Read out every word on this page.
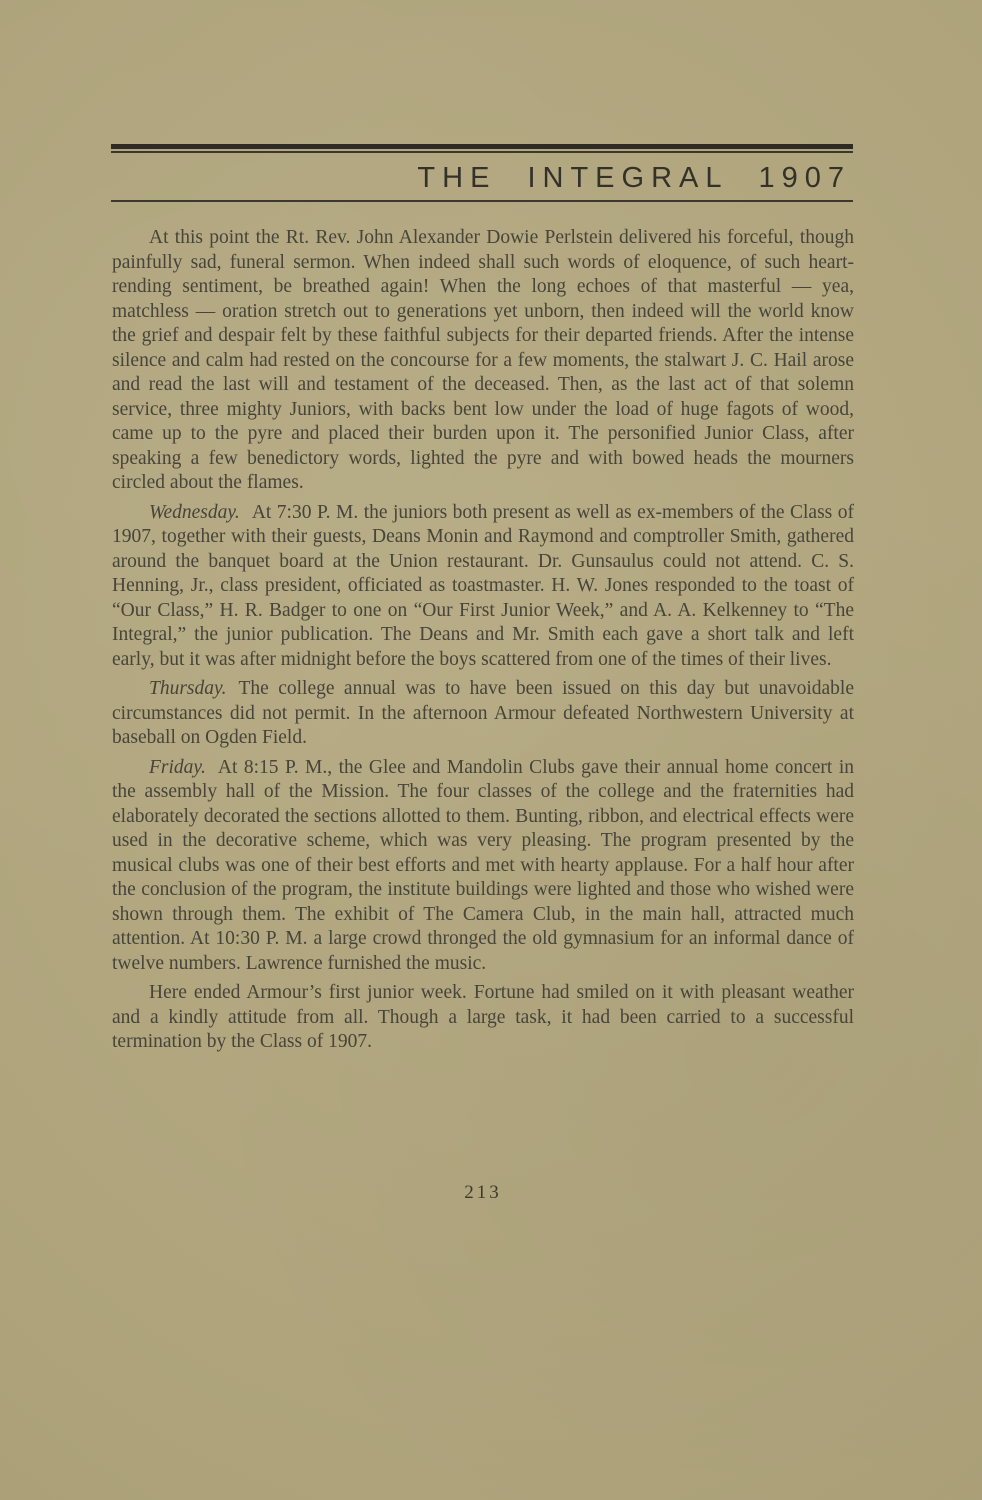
THE INTEGRAL 1907

At this point the Rt. Rev. John Alexander Dowie Perlstein delivered his forceful, though painfully sad, funeral sermon. When indeed shall such words of eloquence, of such heart-rending sentiment, be breathed again! When the long echoes of that masterful — yea, matchless — oration stretch out to generations yet unborn, then indeed will the world know the grief and despair felt by these faithful subjects for their departed friends. After the intense silence and calm had rested on the concourse for a few moments, the stalwart J. C. Hail arose and read the last will and testament of the deceased. Then, as the last act of that solemn service, three mighty Juniors, with backs bent low under the load of huge fagots of wood, came up to the pyre and placed their burden upon it. The personified Junior Class, after speaking a few benedictory words, lighted the pyre and with bowed heads the mourners circled about the flames.

Wednesday. At 7:30 P. M. the juniors both present as well as ex-members of the Class of 1907, together with their guests, Deans Monin and Raymond and comptroller Smith, gathered around the banquet board at the Union restaurant. Dr. Gunsaulus could not attend. C. S. Henning, Jr., class president, officiated as toastmaster. H. W. Jones responded to the toast of “Our Class,” H. R. Badger to one on “Our First Junior Week,” and A. A. Kelkenney to “The Integral,” the junior publication. The Deans and Mr. Smith each gave a short talk and left early, but it was after midnight before the boys scattered from one of the times of their lives.

Thursday. The college annual was to have been issued on this day but unavoidable circumstances did not permit. In the afternoon Armour defeated Northwestern University at baseball on Ogden Field.

Friday. At 8:15 P. M., the Glee and Mandolin Clubs gave their annual home concert in the assembly hall of the Mission. The four classes of the college and the fraternities had elaborately decorated the sections allotted to them. Bunting, ribbon, and electrical effects were used in the decorative scheme, which was very pleasing. The program presented by the musical clubs was one of their best efforts and met with hearty applause. For a half hour after the conclusion of the program, the institute buildings were lighted and those who wished were shown through them. The exhibit of The Camera Club, in the main hall, attracted much attention. At 10:30 P. M. a large crowd thronged the old gymnasium for an informal dance of twelve numbers. Lawrence furnished the music.

Here ended Armour’s first junior week. Fortune had smiled on it with pleasant weather and a kindly attitude from all. Though a large task, it had been carried to a successful termination by the Class of 1907.

213
